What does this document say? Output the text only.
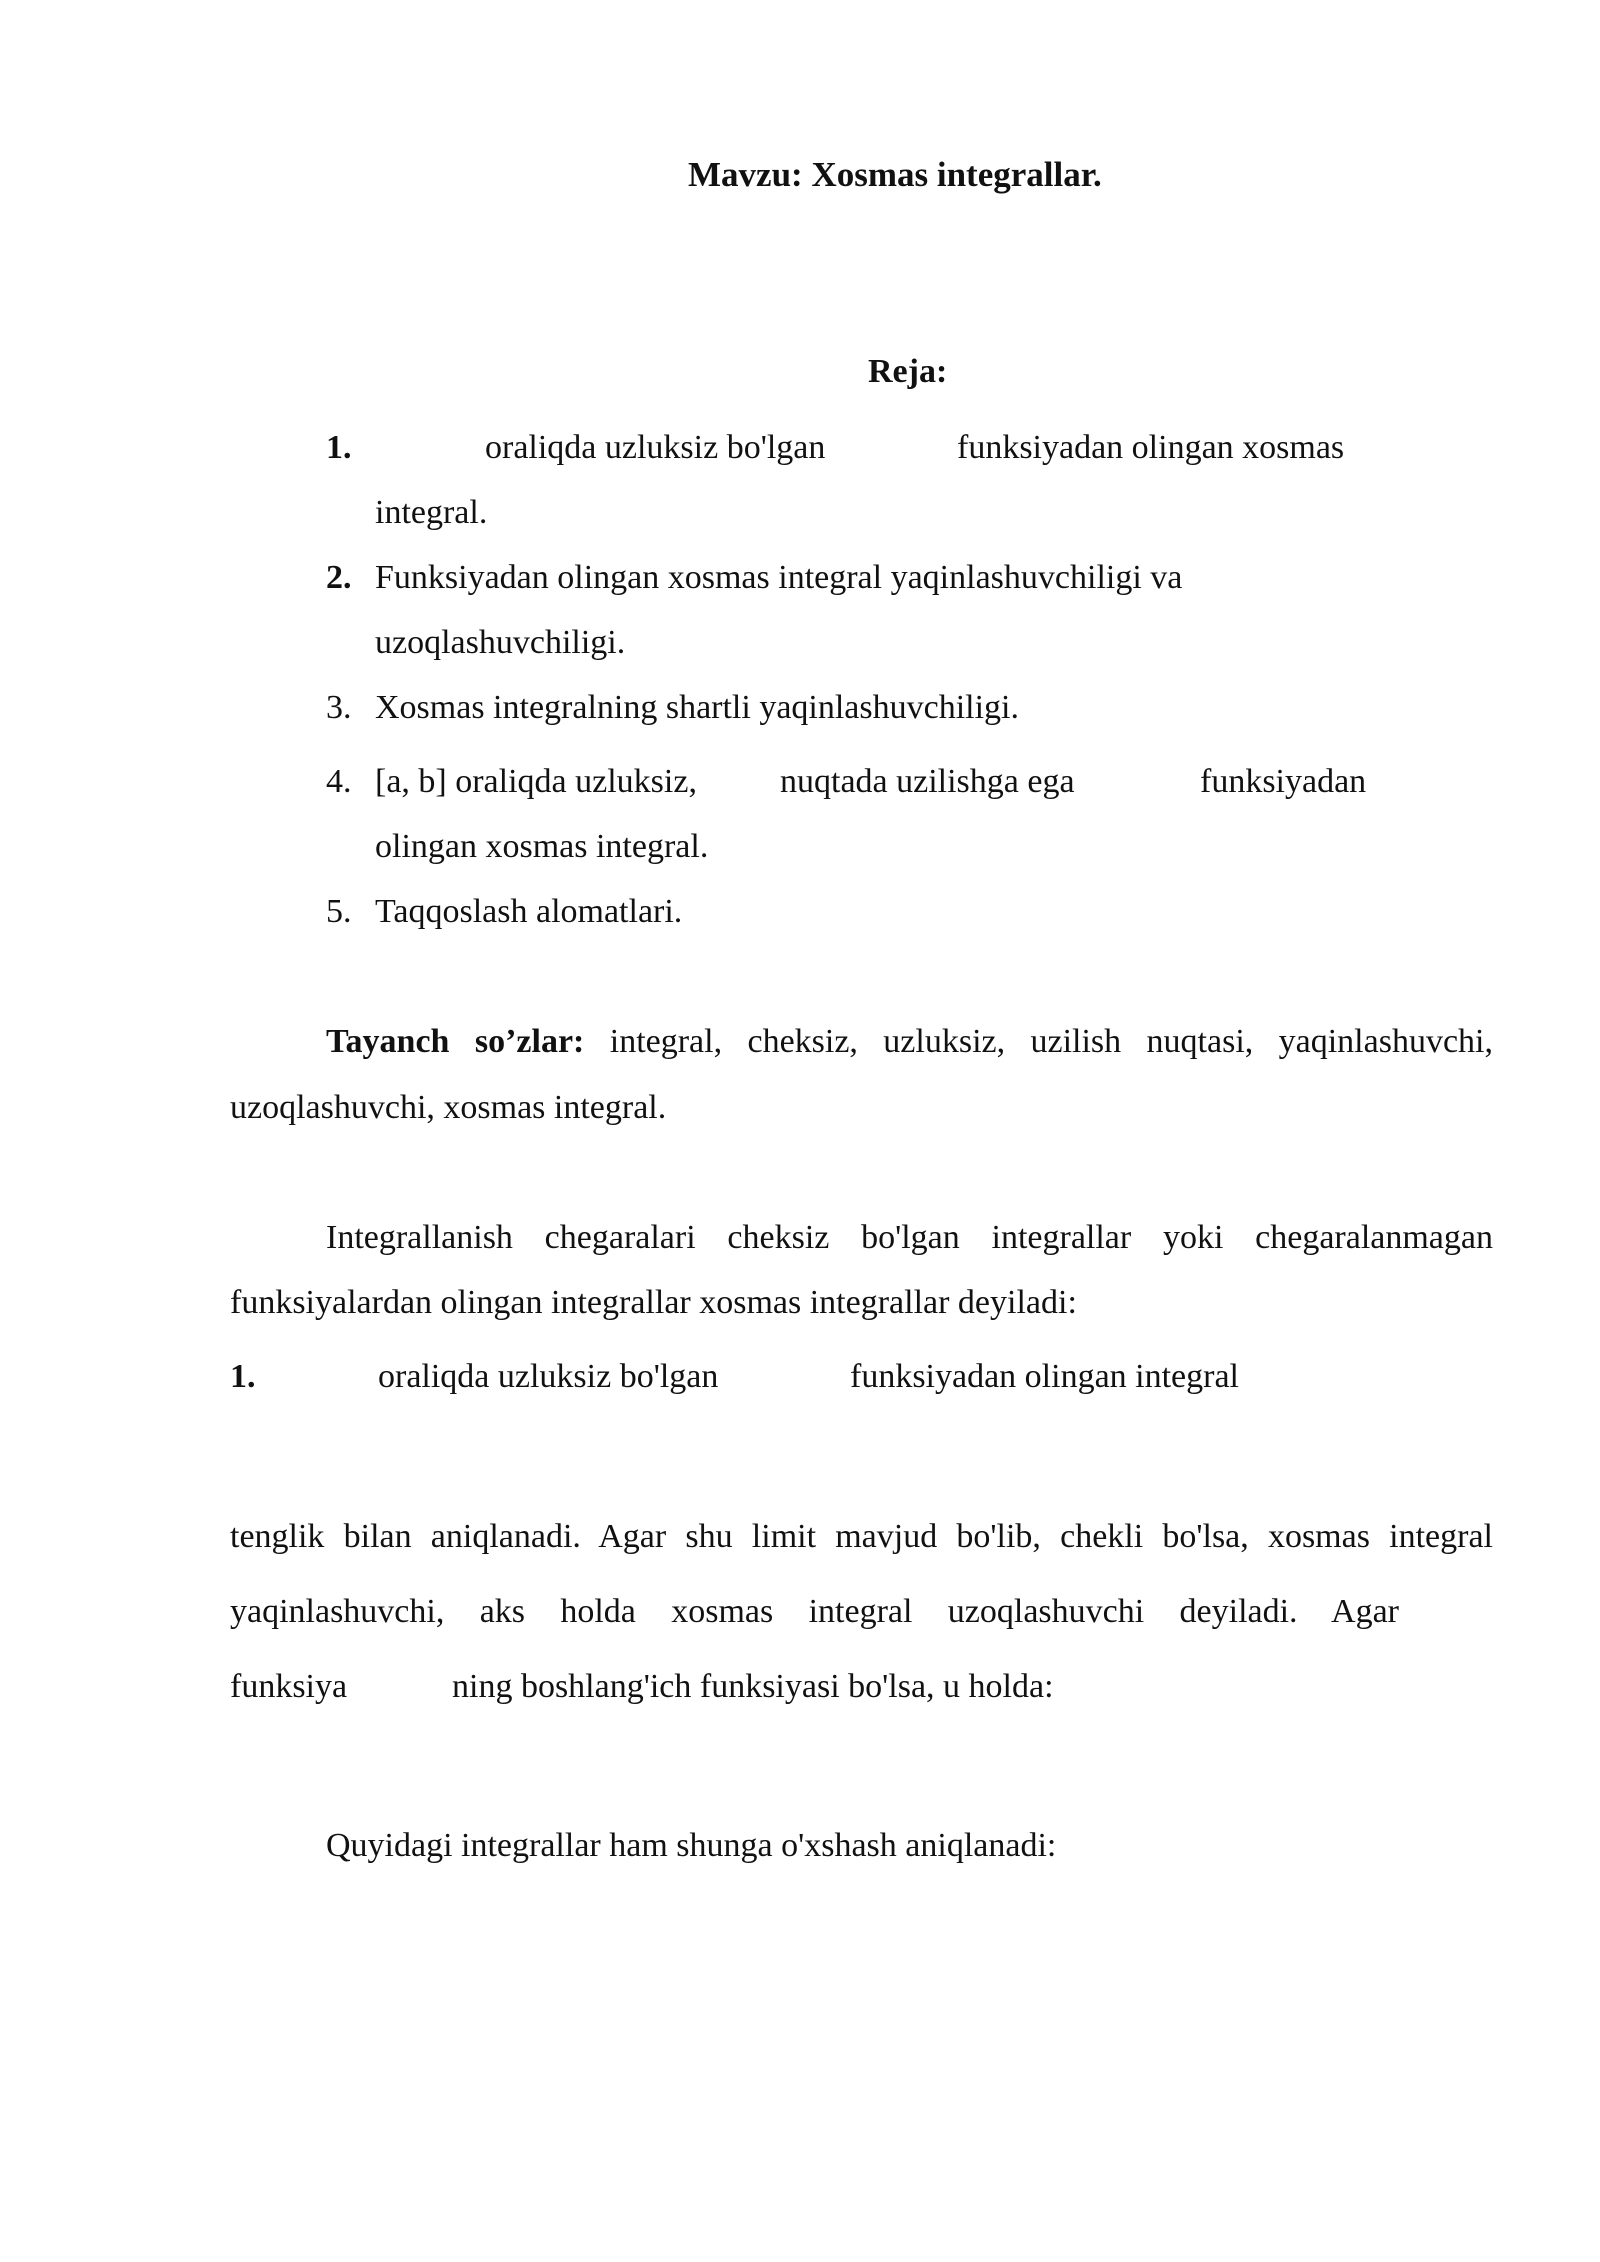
Mavzu: Xosmas integrallar.
Reja:
1.	oraliqda uzluksiz bo'lgan	funksiyadan olingan xosmas
integral.
2. Funksiyadan olingan xosmas integral yaqinlashuvchiligi va
uzoqlashuvchiligi.
3. Xosmas integralning shartli yaqinlashuvchiligi.
4. [a, b] oraliqda uzluksiz, nuqtada uzilishga ega	funksiyadan
olingan xosmas integral.
5. Taqqoslash alomatlari.
Tayanch so’zlar: integral, cheksiz, uzluksiz, uzilish nuqtasi, yaqinlashuvchi,
uzoqlashuvchi, xosmas integral.
Integrallanish chegaralari cheksiz bo'lgan integrallar yoki chegaralanmagan
funksiyalardan olingan integrallar xosmas integrallar deyiladi:
1.	oraliqda uzluksiz bo'lgan	funksiyadan olingan integral
tenglik bilan aniqlanadi. Agar shu limit mavjud bo'lib, chekli bo'lsa, xosmas integral
yaqinlashuvchi, aks holda xosmas integral uzoqlashuvchi deyiladi. Agar
funksiya	ning boshlang'ich funksiyasi bo'lsa, u holda:
Quyidagi integrallar ham shunga o'xshash aniqlanadi:
